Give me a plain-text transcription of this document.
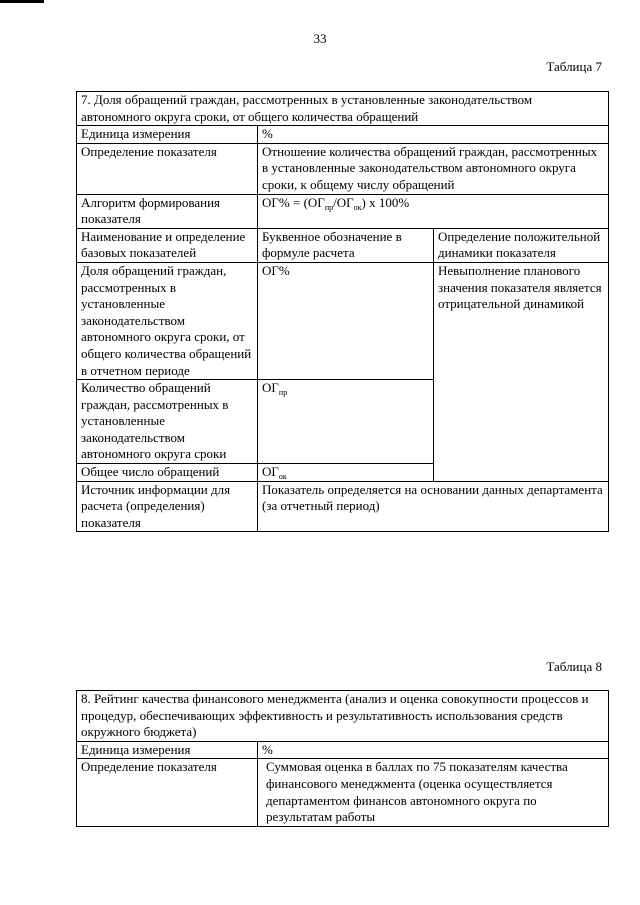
33
Таблица 7
7. Доля обращений граждан, рассмотренных в установленные законодательством автономного округа сроки, от общего количества обращений		
Единица измерения	%	
Определение показателя	Отношение количества обращений граждан, рассмотренных в установленные законодательством автономного округа сроки, к общему числу обращений	
Алгоритм формирования показателя	$ОГ\% = (ОГ_{пр}/ОГ_{ок})$ х 100%	
Наименование и определение базовых показателей	Буквенное обозначение в формуле расчета	Определение положительной динамики показателя
Доля обращений граждан, рассмотренных в установленные законодательством автономного округа сроки, от общего количества обращений в отчетном периоде	ОГ%	Невыполнение планового значения показателя является отрицательной динамикой
Количество обращений граждан, рассмотренных в установленные законодательством автономного округа сроки	$ОГ_{пр}$
Общее число обращений	$ОГ_{ок}$
Источник информации для расчета (определения) показателя	Показатель определяется на основании данных департамента (за отчетный период)	
Таблица 8
8. Рейтинг качества финансового менеджмента (анализ и оценка совокупности процессов и процедур, обеспечивающих эффективность и результативность использования средств окружного бюджета)	
Единица измерения	%
Определение показателя	Суммовая оценка в баллах по 75 показателям качества финансового менеджмента (оценка осуществляется департаментом финансов автономного округа по результатам работы
